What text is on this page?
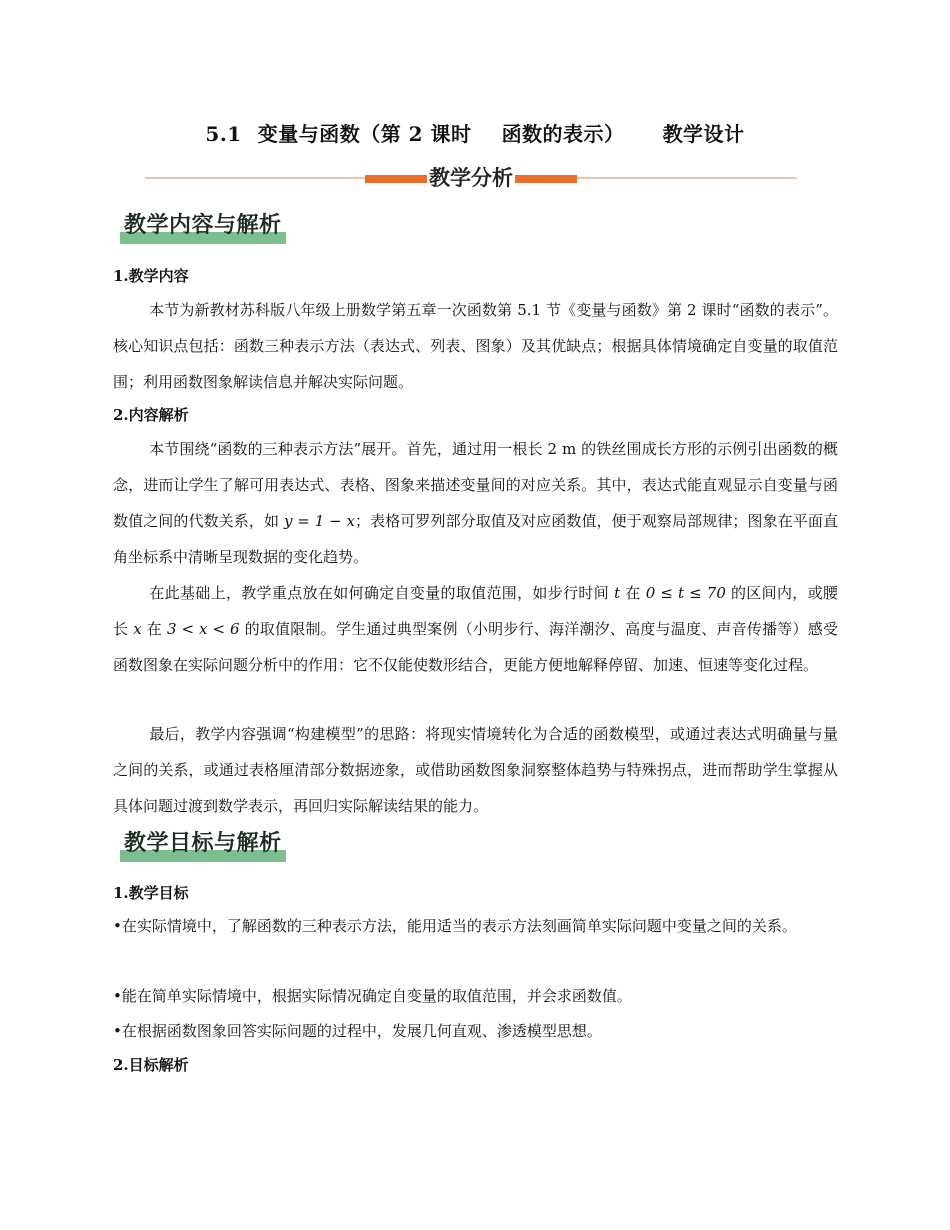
5.1 变量与函数（第 2 课时 函数的表示） 教学设计
教学分析
教学内容与解析
1.教学内容
本节为新教材苏科版八年级上册数学第五章一次函数第 5.1 节《变量与函数》第 2 课时“函数的表示”。核心知识点包括：函数三种表示方法（表达式、列表、图象）及其优缺点；根据具体情境确定自变量的取值范围；利用函数图象解读信息并解决实际问题。
2.内容解析
本节围绕“函数的三种表示方法”展开。首先，通过用一根长 2 m 的铁丝围成长方形的示例引出函数的概念，进而让学生了解可用表达式、表格、图象来描述变量间的对应关系。其中，表达式能直观显示自变量与函数值之间的代数关系，如 y = 1 − x；表格可罗列部分取值及对应函数值，便于观察局部规律；图象在平面直角坐标系中清晰呈现数据的变化趋势。
在此基础上，教学重点放在如何确定自变量的取值范围，如步行时间 t 在 0 ≤ t ≤ 70 的区间内，或腰长 x 在 3 < x < 6 的取值限制。学生通过典型案例（小明步行、海洋潮汐、高度与温度、声音传播等）感受函数图象在实际问题分析中的作用：它不仅能使数形结合，更能方便地解释停留、加速、恒速等变化过程。
最后，教学内容强调“构建模型”的思路：将现实情境转化为合适的函数模型，或通过表达式明确量与量之间的关系，或通过表格厘清部分数据迹象，或借助函数图象洞察整体趋势与特殊拐点，进而帮助学生掌握从具体问题过渡到数学表示，再回归实际解读结果的能力。
教学目标与解析
1.教学目标
•在实际情境中，了解函数的三种表示方法，能用适当的表示方法刻画简单实际问题中变量之间的关系。
•能在简单实际情境中，根据实际情况确定自变量的取值范围，并会求函数值。
•在根据函数图象回答实际问题的过程中，发展几何直观、渗透模型思想。
2.目标解析
